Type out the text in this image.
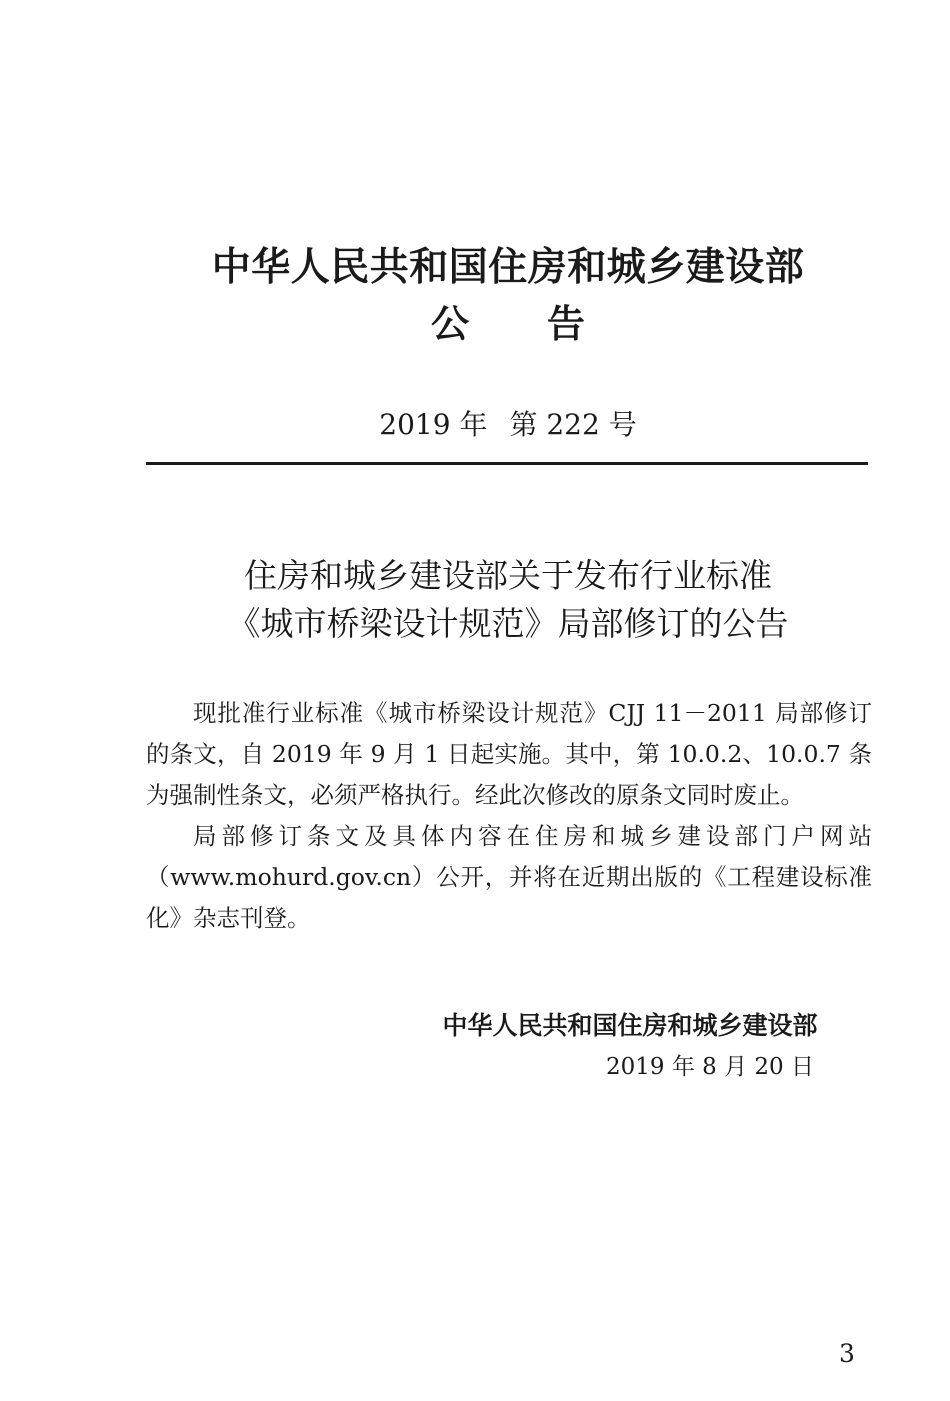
中华人民共和国住房和城乡建设部
公 告
2019 年 第 222 号
住房和城乡建设部关于发布行业标准
《城市桥梁设计规范》局部修订的公告

现批准行业标准《城市桥梁设计规范》CJJ 11－2011 局部修订的条文，自 2019 年 9 月 1 日起实施。其中，第 10.0.2、10.0.7 条为强制性条文，必须严格执行。经此次修改的原条文同时废止。

局部修订条文及具体内容在住房和城乡建设部门户网站（www.mohurd.gov.cn）公开，并将在近期出版的《工程建设标准化》杂志刊登。

中华人民共和国住房和城乡建设部
2019 年 8 月 20 日
3
